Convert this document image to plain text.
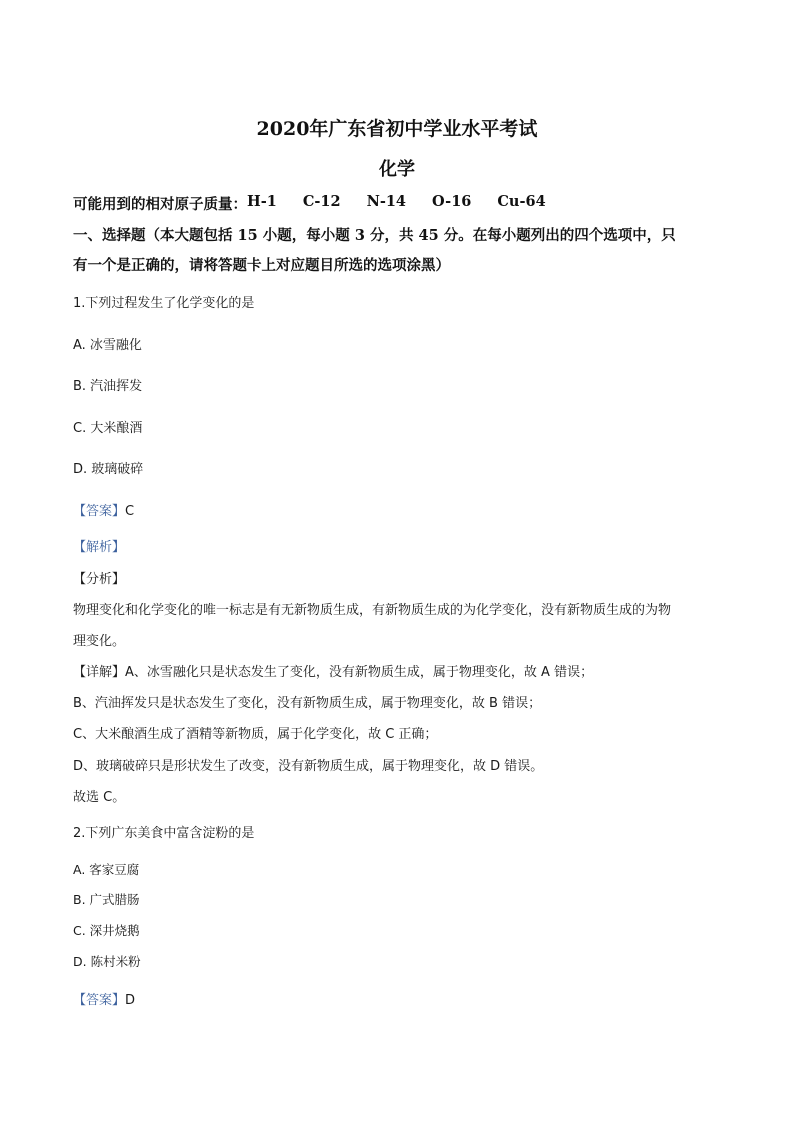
2020年广东省初中学业水平考试
化学
可能用到的相对原子质量： H-1 C-12 N-14 O-16 Cu-64
一、选择题（本大题包括 15 小题，每小题 3 分，共 45 分。在每小题列出的四个选项中，只
有一个是正确的，请将答题卡上对应题目所选的选项涂黑）
1.下列过程发生了化学变化的是
A. 冰雪融化
B. 汽油挥发
C. 大米酿酒
D. 玻璃破碎
【答案】C
【解析】
【分析】
物理变化和化学变化的唯一标志是有无新物质生成，有新物质生成的为化学变化，没有新物质生成的为物
理变化。
【详解】A、冰雪融化只是状态发生了变化，没有新物质生成，属于物理变化，故 A 错误；
B、汽油挥发只是状态发生了变化，没有新物质生成，属于物理变化，故 B 错误；
C、大米酿酒生成了酒精等新物质，属于化学变化，故 C 正确；
D、玻璃破碎只是形状发生了改变，没有新物质生成，属于物理变化，故 D 错误。
故选 C。
2.下列广东美食中富含淀粉的是
A. 客家豆腐
B. 广式腊肠
C. 深井烧鹅
D. 陈村米粉
【答案】D
